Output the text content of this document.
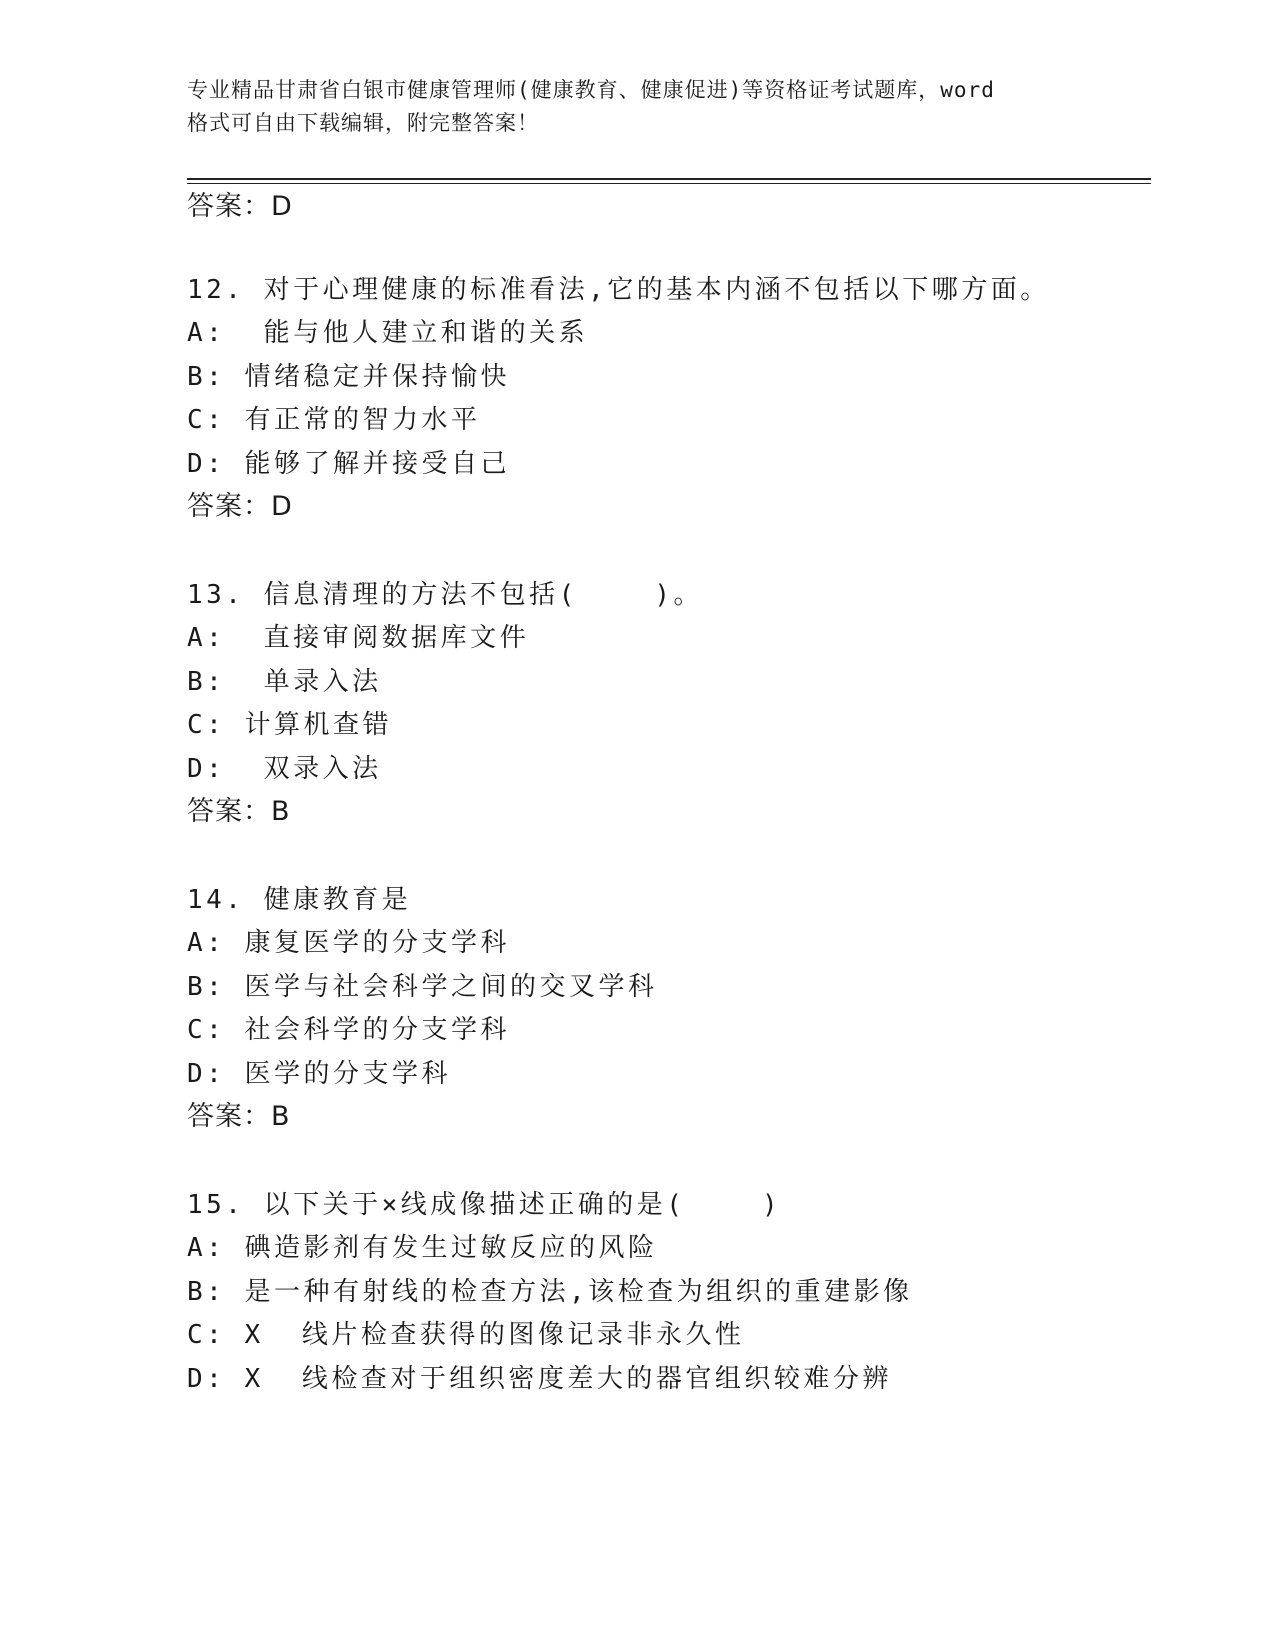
专业精品甘肃省白银市健康管理师(健康教育、健康促进)等资格证考试题库，word
格式可自由下载编辑，附完整答案！
答案：D
12. 对于心理健康的标准看法,它的基本内涵不包括以下哪方面。
A:  能与他人建立和谐的关系
B: 情绪稳定并保持愉快
C: 有正常的智力水平
D: 能够了解并接受自己
答案：D
13. 信息清理的方法不包括(    )。
A:  直接审阅数据库文件
B:  单录入法
C: 计算机查错
D:  双录入法
答案：B
14. 健康教育是
A: 康复医学的分支学科
B: 医学与社会科学之间的交叉学科
C: 社会科学的分支学科
D: 医学的分支学科
答案：B
15. 以下关于×线成像描述正确的是(    )
A: 碘造影剂有发生过敏反应的风险
B: 是一种有射线的检查方法,该检查为组织的重建影像
C: X  线片检查获得的图像记录非永久性
D: X  线检查对于组织密度差大的器官组织较难分辨
